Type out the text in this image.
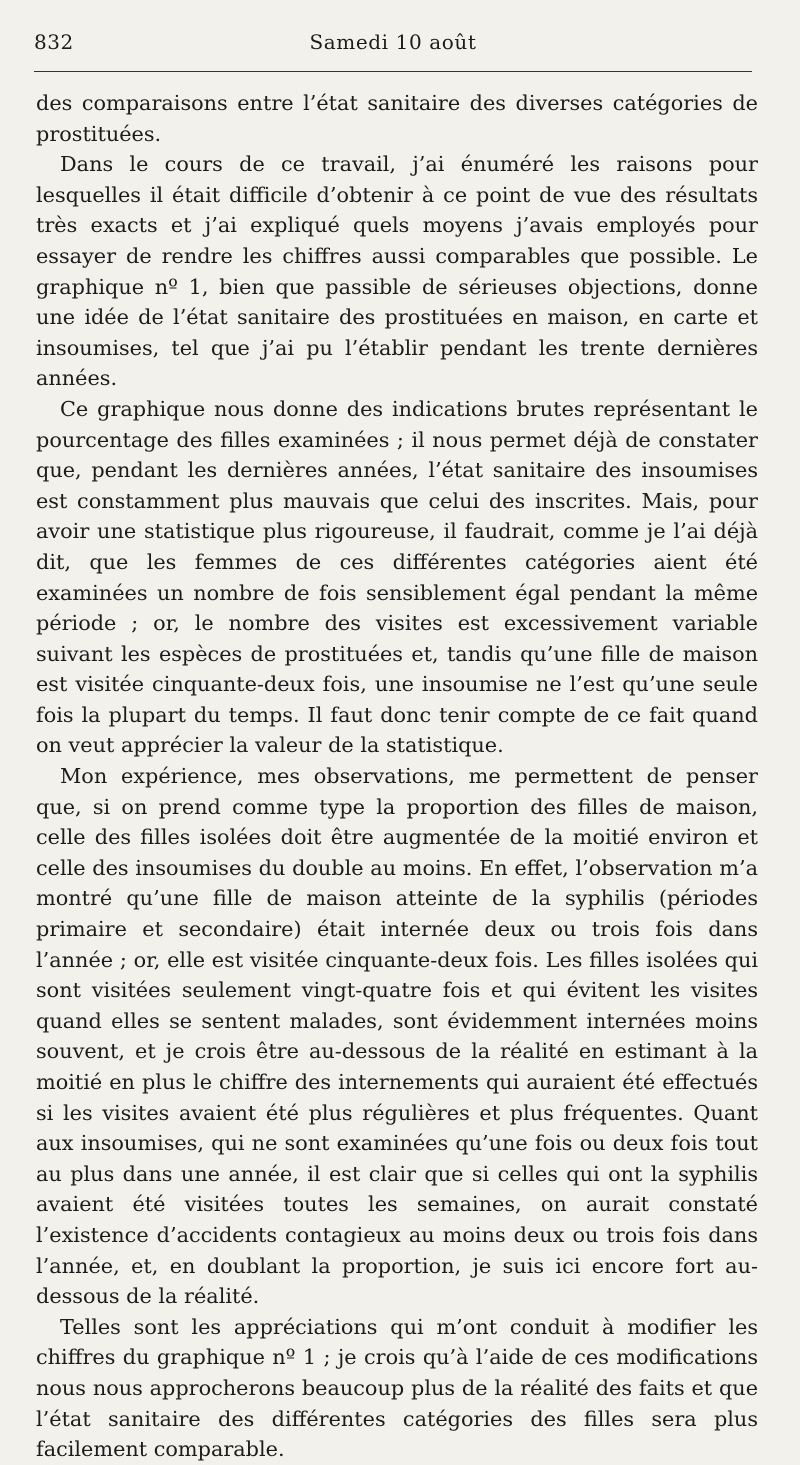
832	Samedi 10 août

des comparaisons entre l’état sanitaire des diverses catégories de prostituées.

Dans le cours de ce travail, j’ai énuméré les raisons pour lesquelles il était difficile d’obtenir à ce point de vue des résultats très exacts et j’ai expliqué quels moyens j’avais employés pour essayer de rendre les chiffres aussi comparables que possible. Le graphique nº 1, bien que passible de sérieuses objections, donne une idée de l’état sanitaire des prostituées en maison, en carte et insoumises, tel que j’ai pu l’établir pendant les trente dernières années.

Ce graphique nous donne des indications brutes représentant le pourcentage des filles examinées ; il nous permet déjà de constater que, pendant les dernières années, l’état sanitaire des insoumises est constamment plus mauvais que celui des inscrites. Mais, pour avoir une statistique plus rigoureuse, il faudrait, comme je l’ai déjà dit, que les femmes de ces différentes catégories aient été examinées un nombre de fois sensiblement égal pendant la même période ; or, le nombre des visites est excessivement variable suivant les espèces de prostituées et, tandis qu’une fille de maison est visitée cinquante-deux fois, une insoumise ne l’est qu’une seule fois la plupart du temps. Il faut donc tenir compte de ce fait quand on veut apprécier la valeur de la statistique.

Mon expérience, mes observations, me permettent de penser que, si on prend comme type la proportion des filles de maison, celle des filles isolées doit être augmentée de la moitié environ et celle des insoumises du double au moins. En effet, l’observation m’a montré qu’une fille de maison atteinte de la syphilis (périodes primaire et secondaire) était internée deux ou trois fois dans l’année ; or, elle est visitée cinquante-deux fois. Les filles isolées qui sont visitées seulement vingt-quatre fois et qui évitent les visites quand elles se sentent malades, sont évidemment internées moins souvent, et je crois être au-dessous de la réalité en estimant à la moitié en plus le chiffre des internements qui auraient été effectués si les visites avaient été plus régulières et plus fréquentes. Quant aux insoumises, qui ne sont examinées qu’une fois ou deux fois tout au plus dans une année, il est clair que si celles qui ont la syphilis avaient été visitées toutes les semaines, on aurait constaté l’existence d’accidents contagieux au moins deux ou trois fois dans l’année, et, en doublant la proportion, je suis ici encore fort au-dessous de la réalité.

Telles sont les appréciations qui m’ont conduit à modifier les chiffres du graphique nº 1 ; je crois qu’à l’aide de ces modifications nous nous approcherons beaucoup plus de la réalité des faits et que l’état sanitaire des différentes catégories des filles sera plus facilement comparable.
